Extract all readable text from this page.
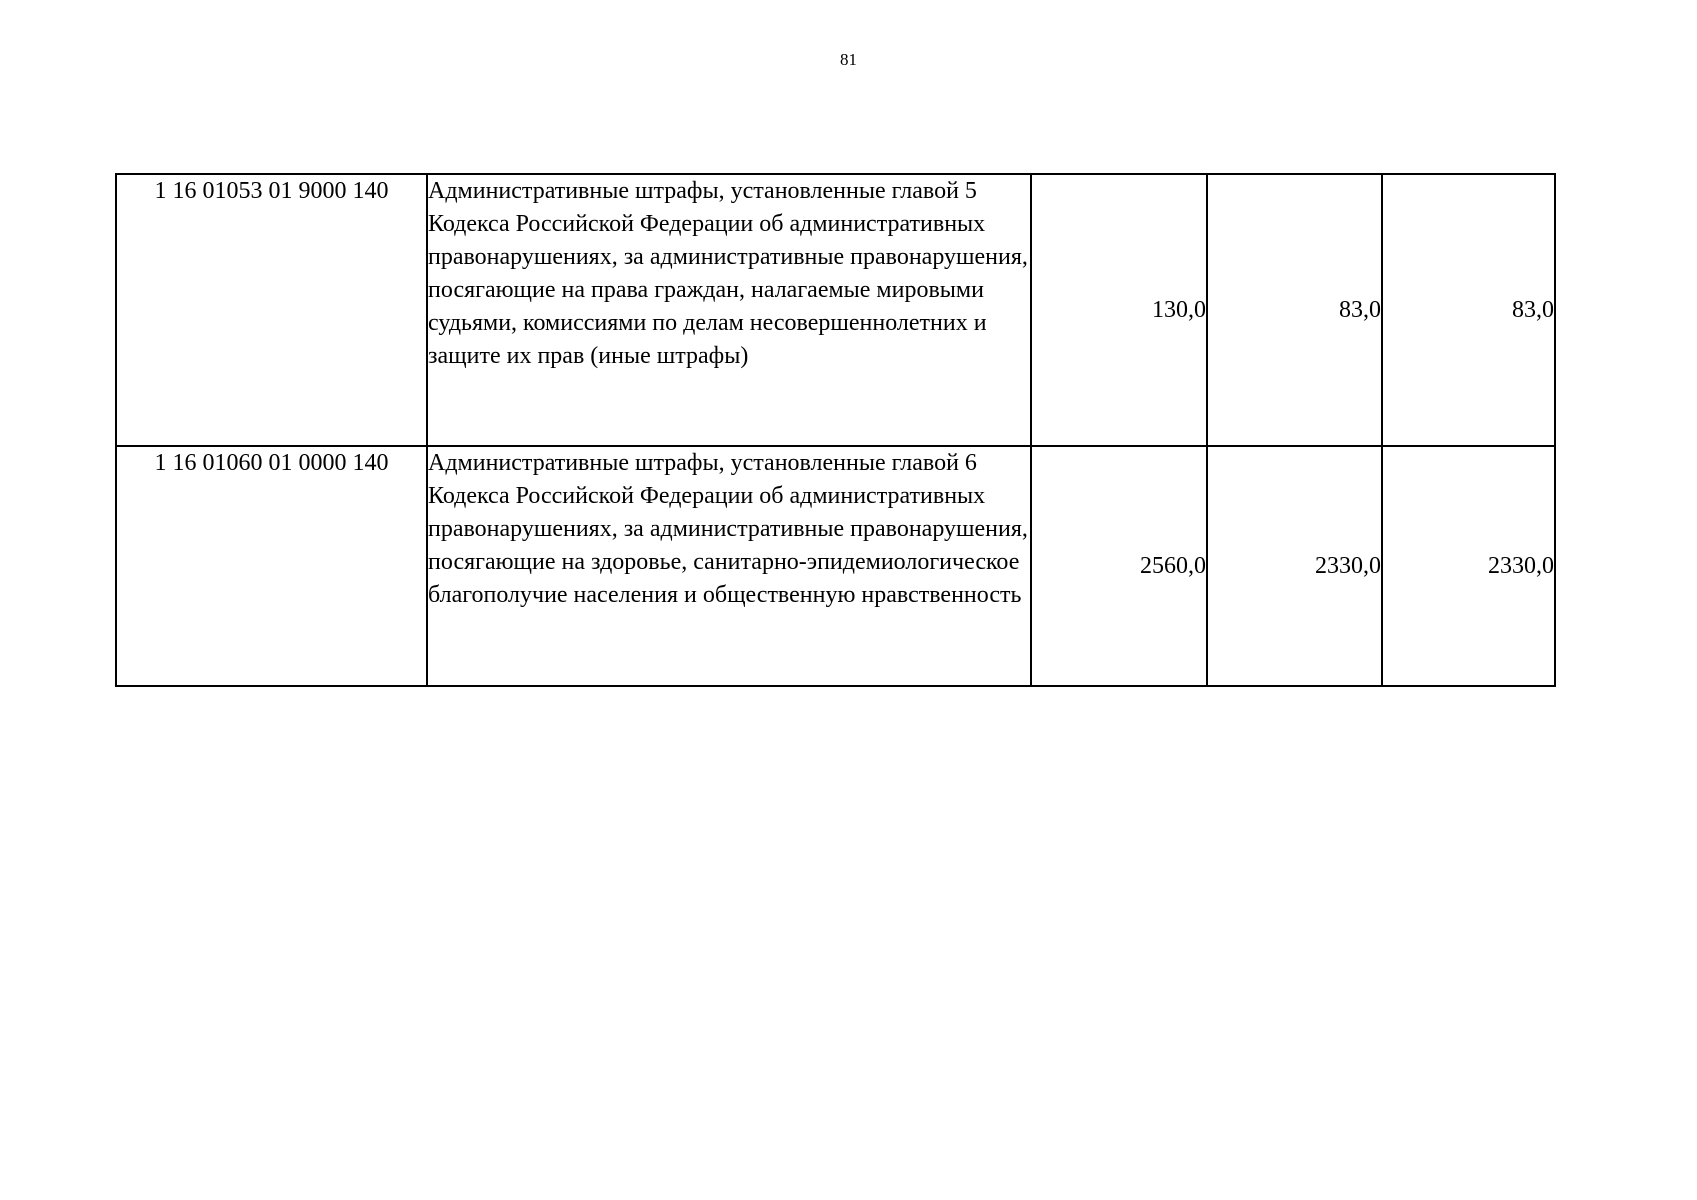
81
1 16 01053 01 9000 140	Административные штрафы, установленные главой 5 Кодекса Российской Федерации об административных правонарушениях, за административные правонарушения, посягающие на права граждан, налагаемые мировыми судьями, комиссиями по делам несовершеннолетних и защите их прав (иные штрафы)	130,0	83,0	83,0
1 16 01060 01 0000 140	Административные штрафы, установленные главой 6 Кодекса Российской Федерации об административных правонарушениях, за административные правонарушения, посягающие на здоровье, санитарно-эпидемиологическое благополучие населения и общественную нравственность	2560,0	2330,0	2330,0
